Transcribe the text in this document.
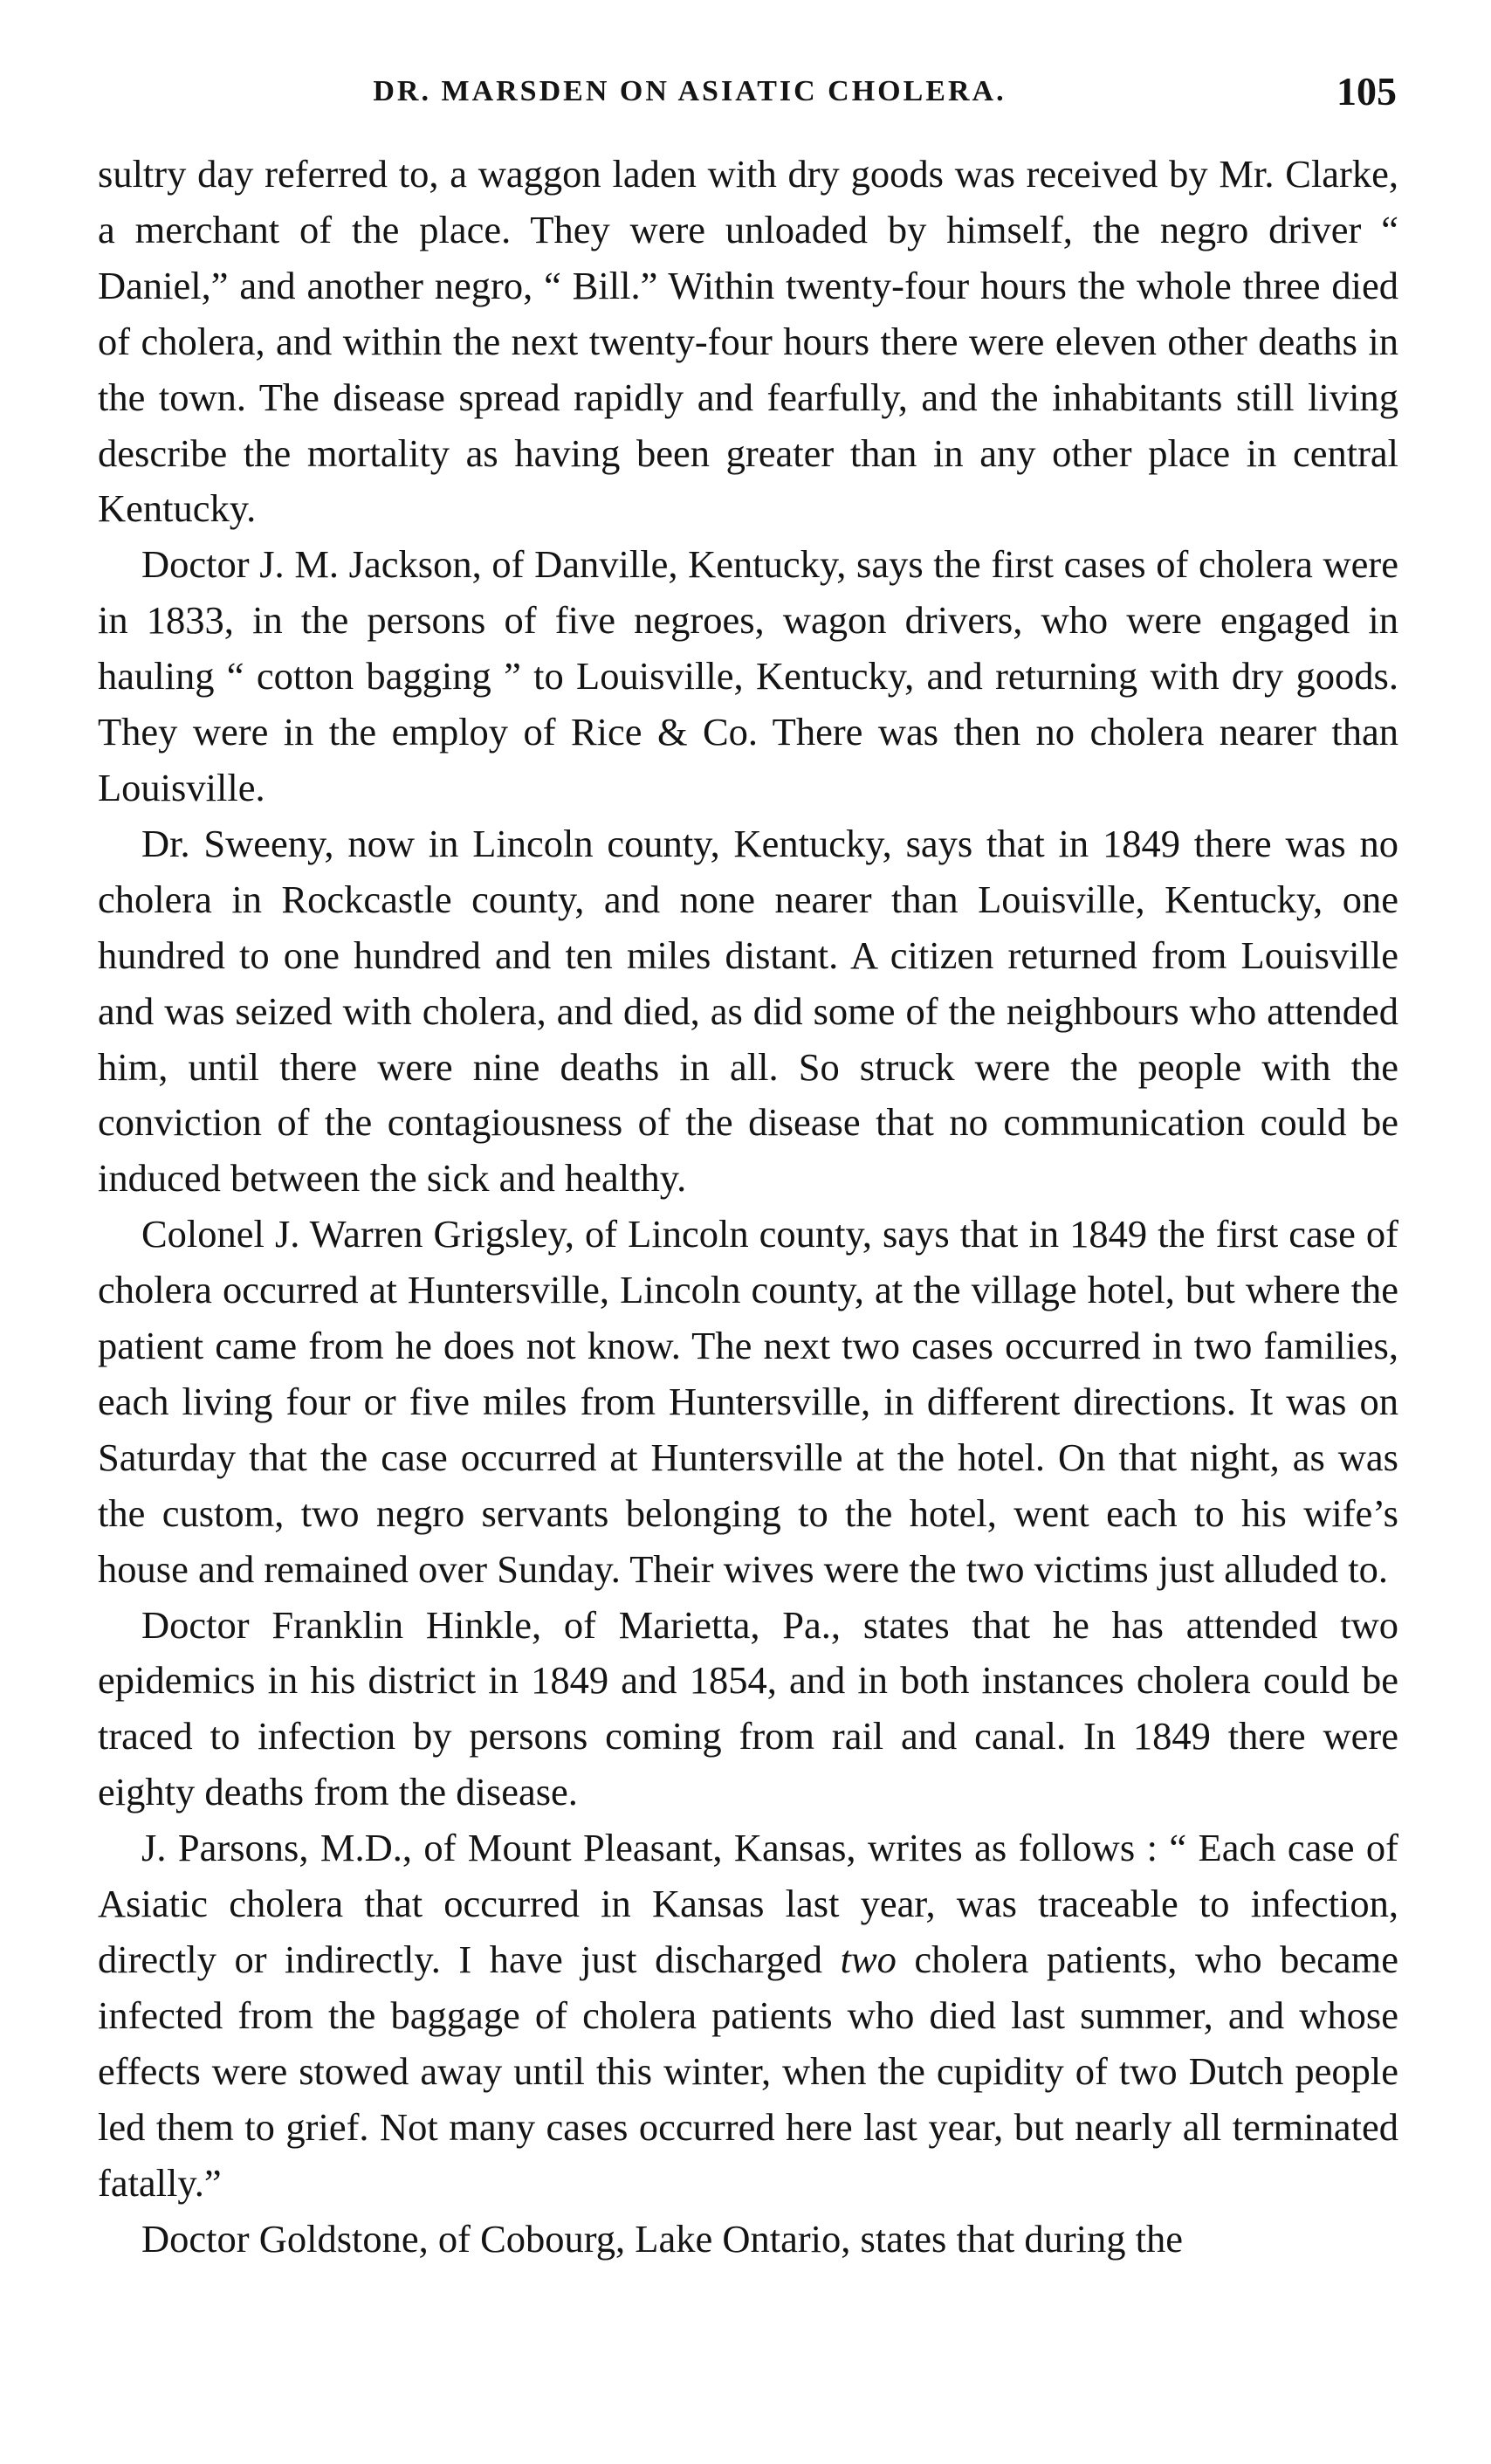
DR. MARSDEN ON ASIATIC CHOLERA.	105

sultry day referred to, a waggon laden with dry goods was received by Mr. Clarke, a merchant of the place. They were unloaded by himself, the negro driver “ Daniel,” and another negro, “ Bill.” Within twenty-four hours the whole three died of cholera, and within the next twenty-four hours there were eleven other deaths in the town. The disease spread rapidly and fearfully, and the inhabitants still living describe the mortality as having been greater than in any other place in central Kentucky.

Doctor J. M. Jackson, of Danville, Kentucky, says the first cases of cholera were in 1833, in the persons of five negroes, wagon drivers, who were engaged in hauling “ cotton bagging ” to Louisville, Kentucky, and returning with dry goods. They were in the employ of Rice & Co. There was then no cholera nearer than Louisville.

Dr. Sweeny, now in Lincoln county, Kentucky, says that in 1849 there was no cholera in Rockcastle county, and none nearer than Louisville, Kentucky, one hundred to one hundred and ten miles distant. A citizen returned from Louisville and was seized with cholera, and died, as did some of the neighbours who attended him, until there were nine deaths in all. So struck were the people with the conviction of the contagiousness of the disease that no communication could be induced between the sick and healthy.

Colonel J. Warren Grigsley, of Lincoln county, says that in 1849 the first case of cholera occurred at Huntersville, Lincoln county, at the village hotel, but where the patient came from he does not know. The next two cases occurred in two families, each living four or five miles from Huntersville, in different directions. It was on Saturday that the case occurred at Huntersville at the hotel. On that night, as was the custom, two negro servants belonging to the hotel, went each to his wife’s house and remained over Sunday. Their wives were the two victims just alluded to.

Doctor Franklin Hinkle, of Marietta, Pa., states that he has attended two epidemics in his district in 1849 and 1854, and in both instances cholera could be traced to infection by persons coming from rail and canal. In 1849 there were eighty deaths from the disease.

J. Parsons, M.D., of Mount Pleasant, Kansas, writes as follows : “ Each case of Asiatic cholera that occurred in Kansas last year, was traceable to infection, directly or indirectly. I have just discharged two cholera patients, who became infected from the baggage of cholera patients who died last summer, and whose effects were stowed away until this winter, when the cupidity of two Dutch people led them to grief. Not many cases occurred here last year, but nearly all terminated fatally.”

Doctor Goldstone, of Cobourg, Lake Ontario, states that during the
